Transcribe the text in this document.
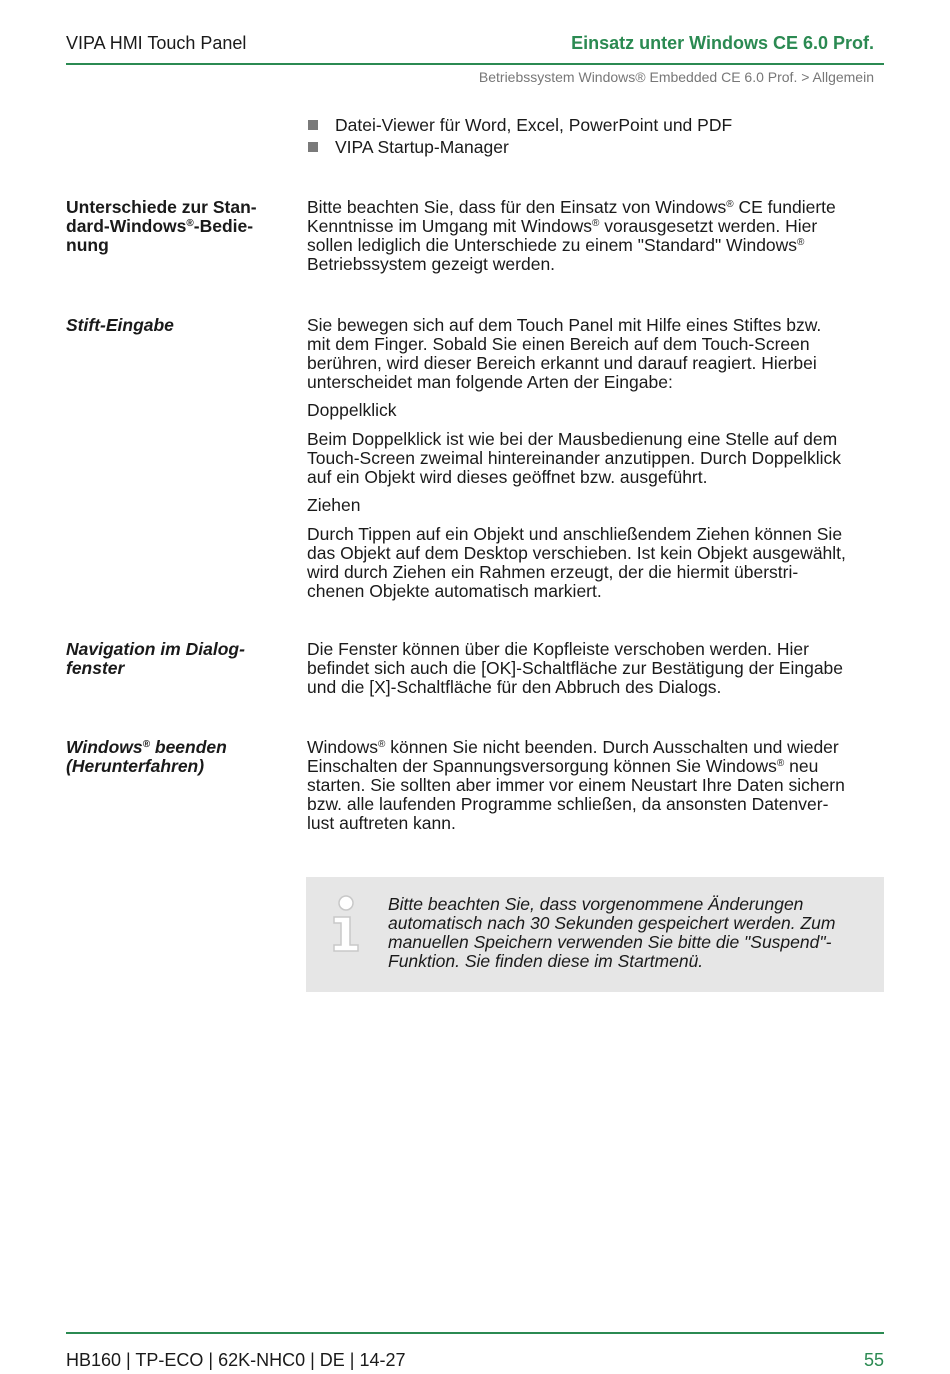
VIPA HMI Touch Panel	Einsatz unter Windows CE 6.0 Prof.
Betriebssystem Windows® Embedded CE 6.0 Prof. > Allgemein
Datei-Viewer für Word, Excel, PowerPoint und PDF
VIPA Startup-Manager
Unterschiede zur Stan-
dard-Windows®-Bedie-
nung
Bitte beachten Sie, dass für den Einsatz von Windows® CE fundierte
Kenntnisse im Umgang mit Windows® vorausgesetzt werden. Hier
sollen lediglich die Unterschiede zu einem "Standard" Windows®
Betriebssystem gezeigt werden.
Stift-Eingabe	Sie bewegen sich auf dem Touch Panel mit Hilfe eines Stiftes bzw.
mit dem Finger. Sobald Sie einen Bereich auf dem Touch-Screen
berühren, wird dieser Bereich erkannt und darauf reagiert. Hierbei
unterscheidet man folgende Arten der Eingabe:

Doppelklick
Beim Doppelklick ist wie bei der Mausbedienung eine Stelle auf dem
Touch-Screen zweimal hintereinander anzutippen. Durch Doppelklick
auf ein Objekt wird dieses geöffnet bzw. ausgeführt.
Ziehen
Durch Tippen auf ein Objekt und anschließendem Ziehen können Sie
das Objekt auf dem Desktop verschieben. Ist kein Objekt ausgewählt,
wird durch Ziehen ein Rahmen erzeugt, der die hiermit überstri-
chenen Objekte automatisch markiert.
Navigation im Dialog-
fenster
Die Fenster können über die Kopfleiste verschoben werden. Hier
befindet sich auch die [OK]-Schaltfläche zur Bestätigung der Eingabe
und die [X]-Schaltfläche für den Abbruch des Dialogs.
Windows® beenden
(Herunterfahren)
Windows® können Sie nicht beenden. Durch Ausschalten und wieder
Einschalten der Spannungsversorgung können Sie Windows® neu
starten. Sie sollten aber immer vor einem Neustart Ihre Daten sichern
bzw. alle laufenden Programme schließen, da ansonsten Datenver-
lust auftreten kann.
Bitte beachten Sie, dass vorgenommene Änderungen
automatisch nach 30 Sekunden gespeichert werden. Zum
manuellen Speichern verwenden Sie bitte die "Suspend"-
Funktion. Sie finden diese im Startmenü.
HB160 | TP-ECO | 62K-NHC0 | DE | 14-27	55
